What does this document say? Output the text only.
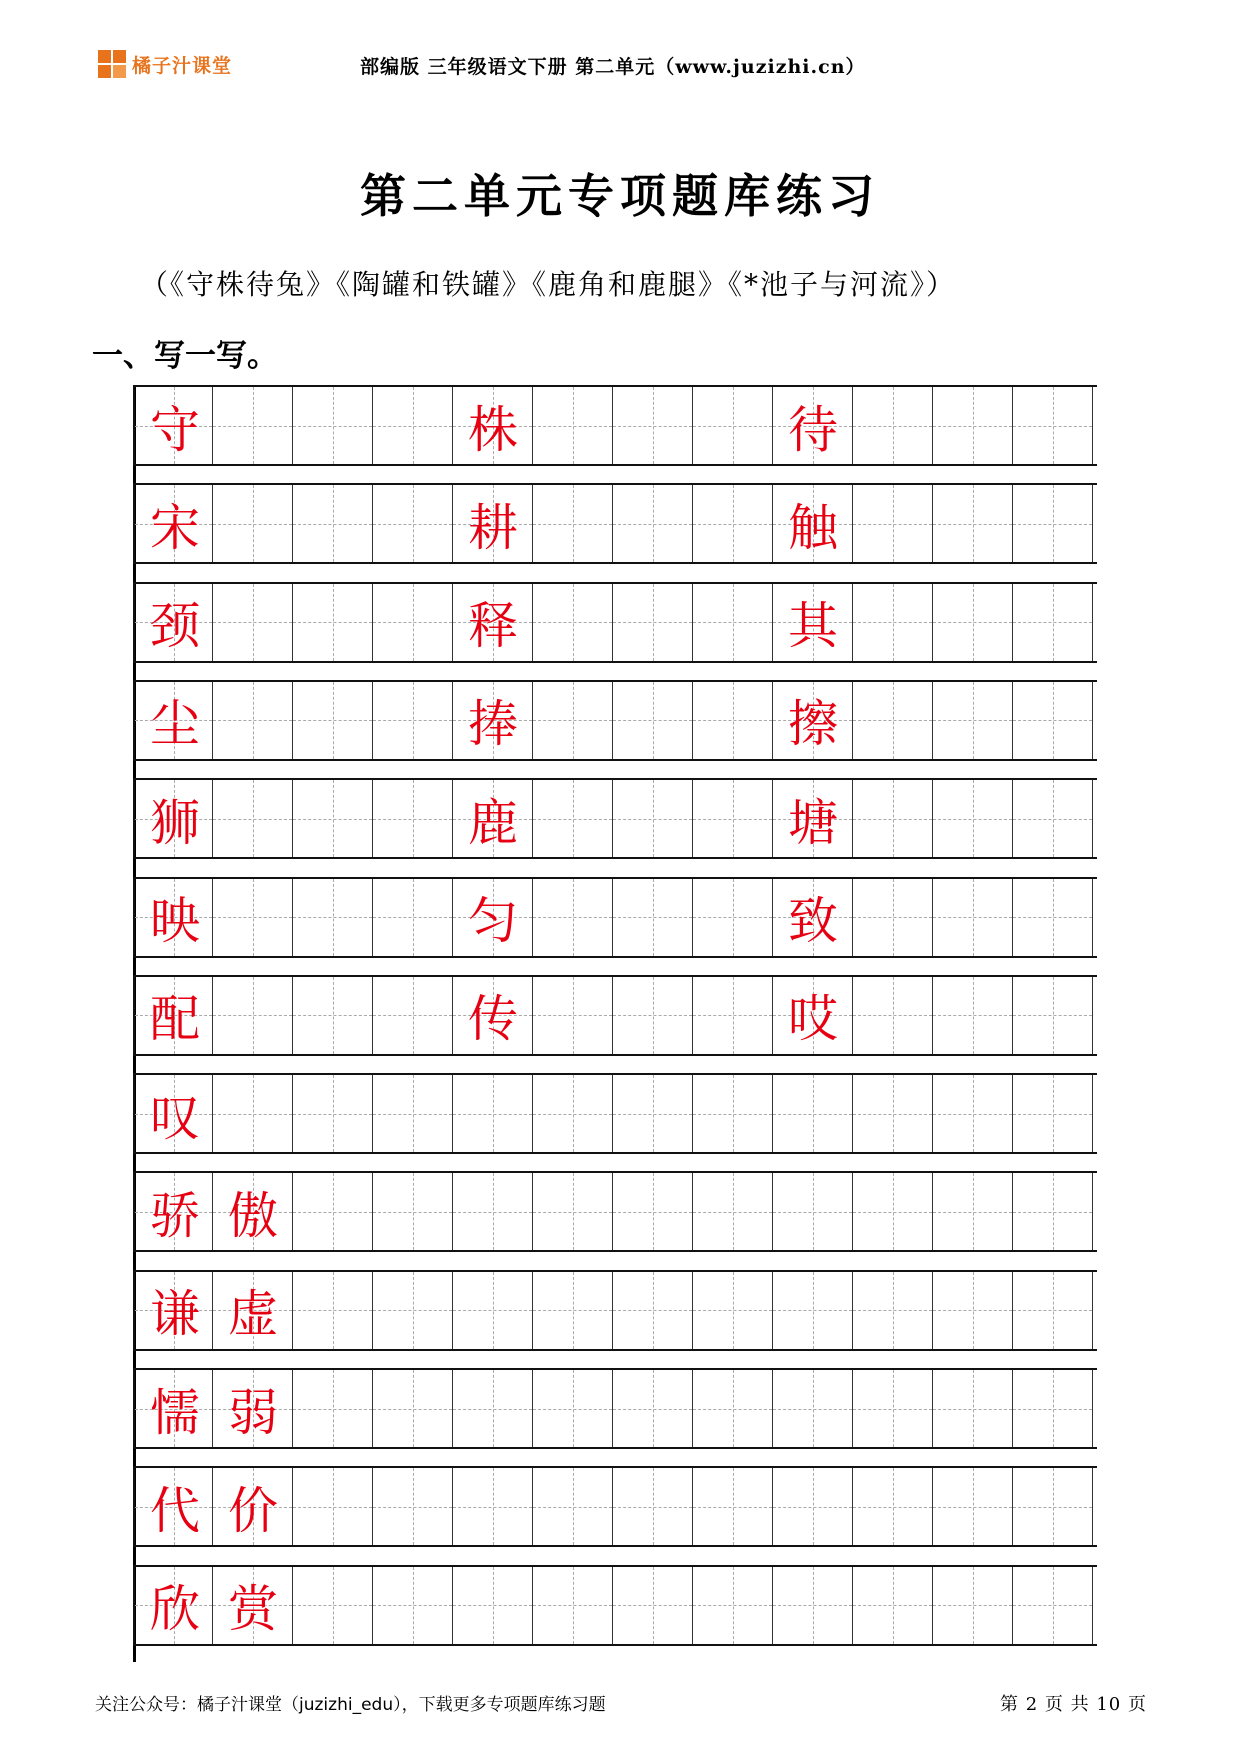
橘子汁课堂	部编版 三年级语文下册 第二单元（www.juzizhi.cn）
第二单元专项题库练习
（《守株待兔》《陶罐和铁罐》《鹿角和鹿腿》《*池子与河流》）
一、写一写。
守	株	待
宋	耕	触
颈	释	其
尘	捧	擦
狮	鹿	塘
映	匀	致
配	传	哎
叹
骄 傲
谦 虚
懦 弱
代 价
欣 赏
关注公众号：橘子汁课堂（juzizhi_edu），下载更多专项题库练习题	第 2 页 共 10 页
